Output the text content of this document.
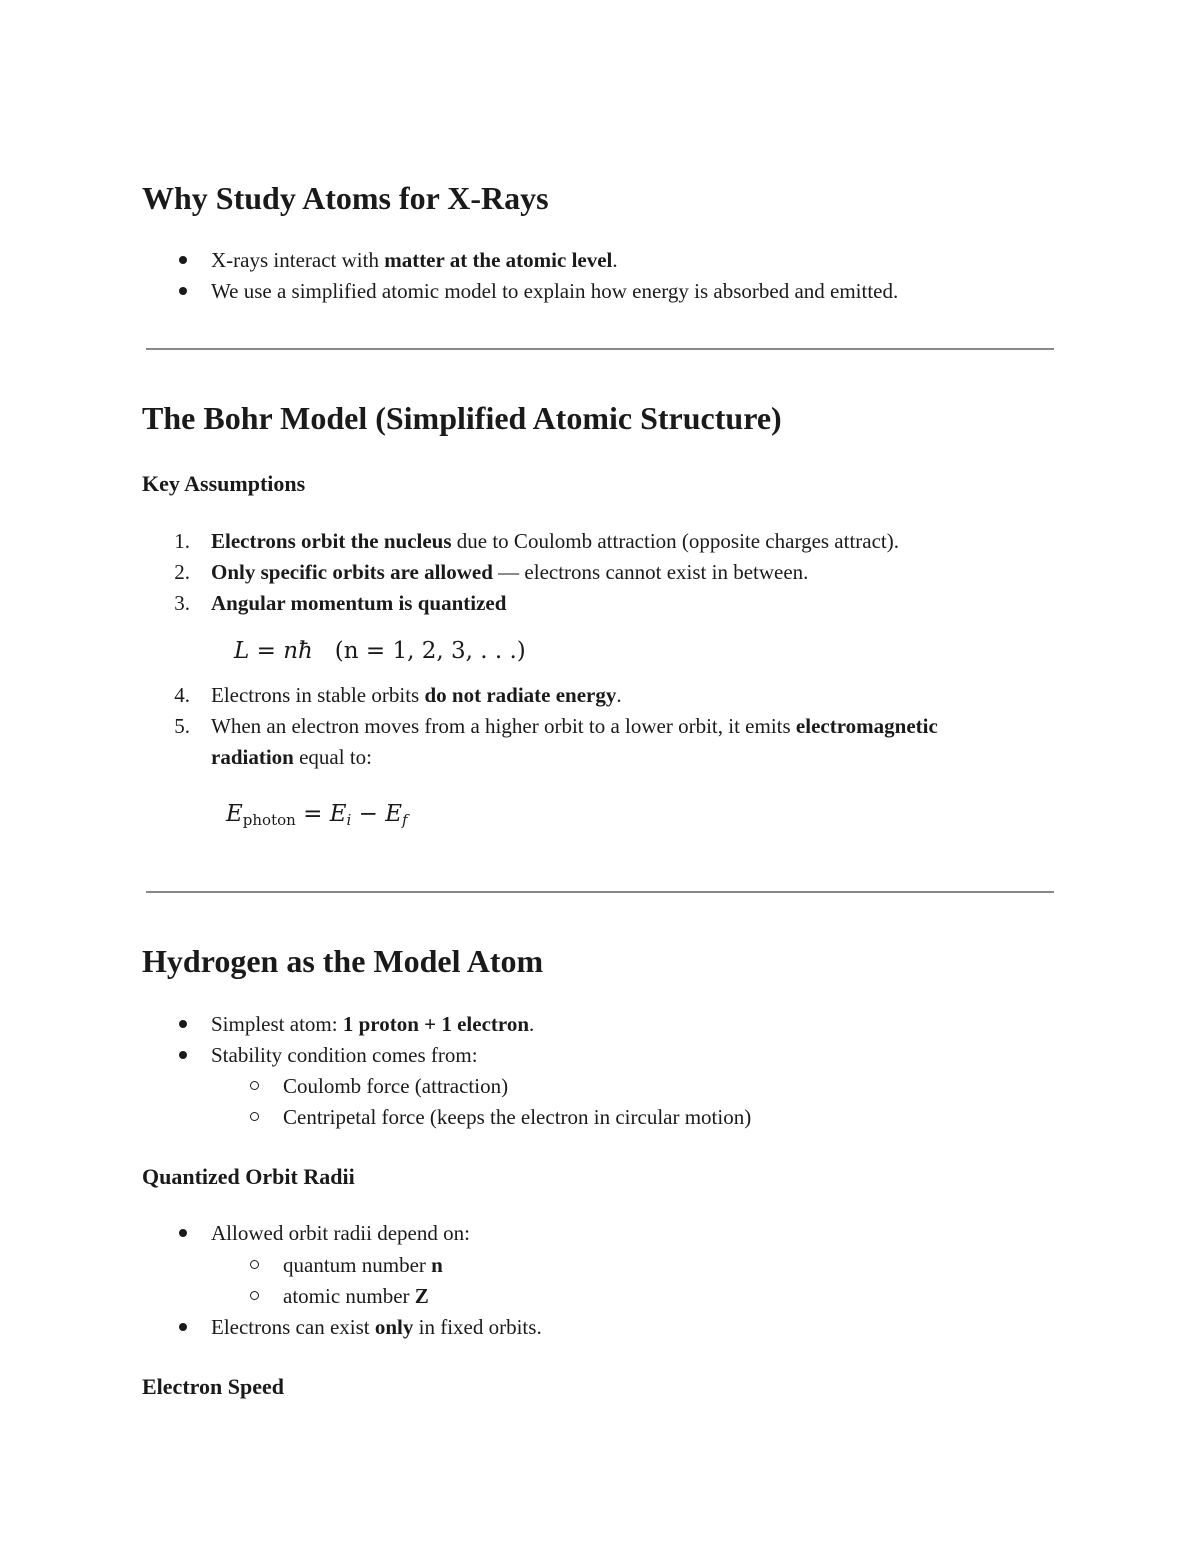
Why Study Atoms for X-Rays
X-rays interact with matter at the atomic level.
We use a simplified atomic model to explain how energy is absorbed and emitted.
The Bohr Model (Simplified Atomic Structure)
Key Assumptions
1. Electrons orbit the nucleus due to Coulomb attraction (opposite charges attract).
2. Only specific orbits are allowed — electrons cannot exist in between.
3. Angular momentum is quantized
L = nħ (n = 1, 2, 3, . . .)
4. Electrons in stable orbits do not radiate energy.
5. When an electron moves from a higher orbit to a lower orbit, it emits electromagnetic
radiation equal to:
$E_{photon} = E_i - E_f$
Hydrogen as the Model Atom
Simplest atom: 1 proton + 1 electron.
Stability condition comes from:
Coulomb force (attraction)
Centripetal force (keeps the electron in circular motion)
Quantized Orbit Radii
Allowed orbit radii depend on:
quantum number n
atomic number Z
Electrons can exist only in fixed orbits.
Electron Speed
